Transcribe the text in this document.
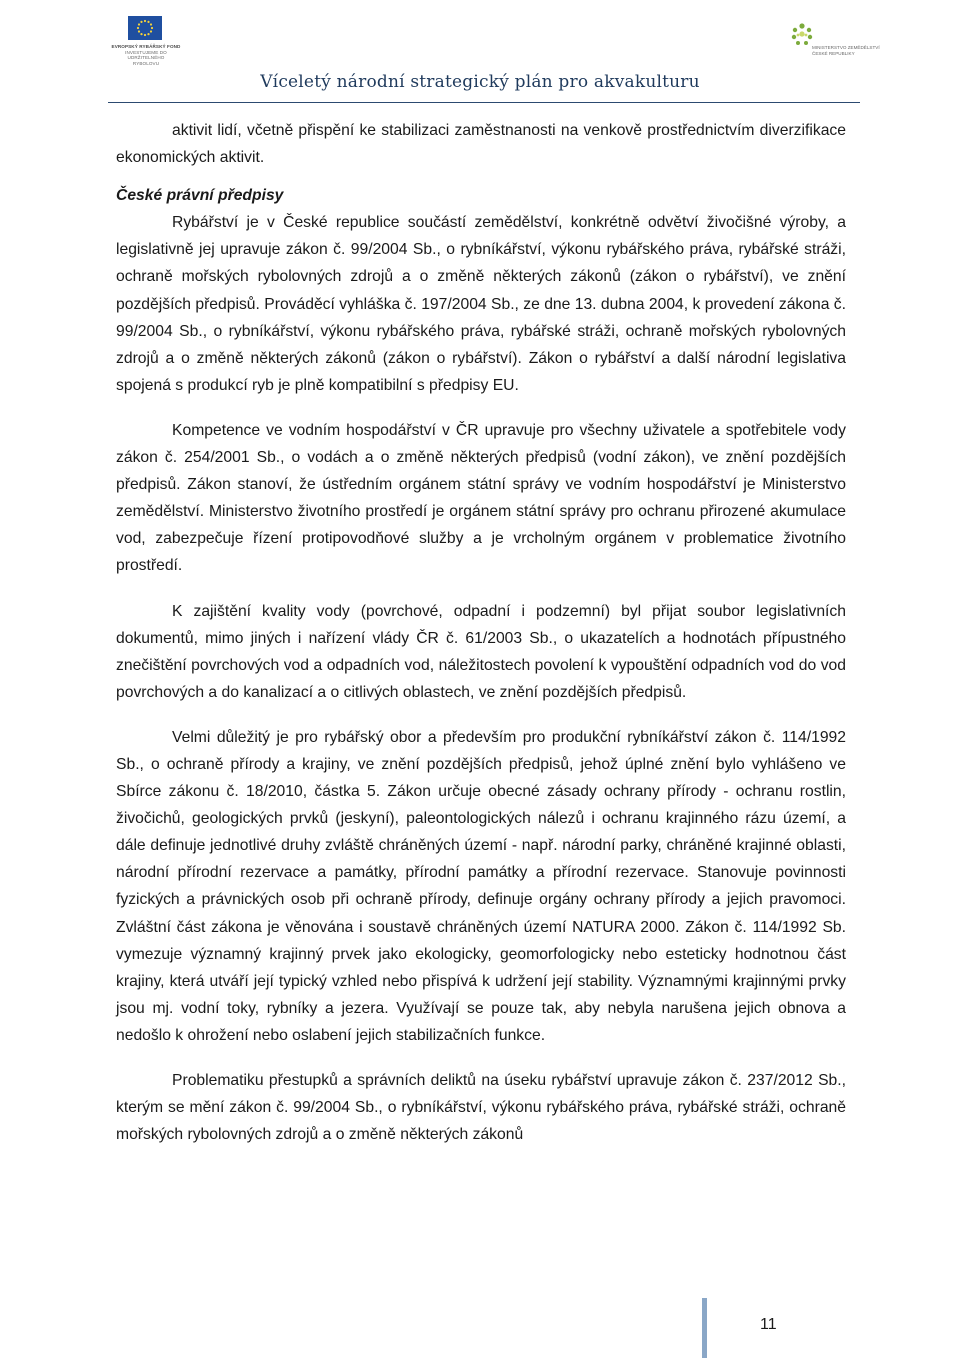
EVROPSKÝ RYBÁŘSKÝ FOND
INVESTUJEME DO UDRŽITELNÉHO
RYBOLOVU
MINISTERSTVO ZEMĚDĚLSTVÍ
ČESKÉ REPUBLIKY
Víceletý národní strategický plán pro akvakulturu

aktivit lidí, včetně přispění ke stabilizaci zaměstnanosti na venkově prostřednictvím diverzifikace ekonomických aktivit.

České právní předpisy

Rybářství je v České republice součástí zemědělství, konkrétně odvětví živočišné výroby, a legislativně jej upravuje zákon č. 99/2004 Sb., o rybníkářství, výkonu rybářského práva, rybářské stráži, ochraně mořských rybolovných zdrojů a o změně některých zákonů (zákon o rybářství), ve znění pozdějších předpisů. Prováděcí vyhláška č. 197/2004 Sb., ze dne 13. dubna 2004, k provedení zákona č. 99/2004 Sb., o rybníkářství, výkonu rybářského práva, rybářské stráži, ochraně mořských rybolovných zdrojů a o změně některých zákonů (zákon o rybářství). Zákon o rybářství a další národní legislativa spojená s produkcí ryb je plně kompatibilní s předpisy EU.

Kompetence ve vodním hospodářství v ČR upravuje pro všechny uživatele a spotřebitele vody zákon č. 254/2001 Sb., o vodách a o změně některých předpisů (vodní zákon), ve znění pozdějších předpisů. Zákon stanoví, že ústředním orgánem státní správy ve vodním hospodářství je Ministerstvo zemědělství. Ministerstvo životního prostředí je orgánem státní správy pro ochranu přirozené akumulace vod, zabezpečuje řízení protipovodňové služby a je vrcholným orgánem v problematice životního prostředí.

K zajištění kvality vody (povrchové, odpadní i podzemní) byl přijat soubor legislativních dokumentů, mimo jiných i nařízení vlády ČR č. 61/2003 Sb., o ukazatelích a hodnotách přípustného znečištění povrchových vod a odpadních vod, náležitostech povolení k vypouštění odpadních vod do vod povrchových a do kanalizací a o citlivých oblastech, ve znění pozdějších předpisů.

Velmi důležitý je pro rybářský obor a především pro produkční rybníkářství zákon č. 114/1992 Sb., o ochraně přírody a krajiny, ve znění pozdějších předpisů, jehož úplné znění bylo vyhlášeno ve Sbírce zákonu č. 18/2010, částka 5. Zákon určuje obecné zásady ochrany přírody - ochranu rostlin, živočichů, geologických prvků (jeskyní), paleontologických nálezů i ochranu krajinného rázu území, a dále definuje jednotlivé druhy zvláště chráněných území - např. národní parky, chráněné krajinné oblasti, národní přírodní rezervace a památky, přírodní památky a přírodní rezervace. Stanovuje povinnosti fyzických a právnických osob při ochraně přírody, definuje orgány ochrany přírody a jejich pravomoci. Zvláštní část zákona je věnována i soustavě chráněných území NATURA 2000. Zákon č. 114/1992 Sb. vymezuje významný krajinný prvek jako ekologicky, geomorfologicky nebo esteticky hodnotnou část krajiny, která utváří její typický vzhled nebo přispívá k udržení její stability. Významnými krajinnými prvky jsou mj. vodní toky, rybníky a jezera. Využívají se pouze tak, aby nebyla narušena jejich obnova a nedošlo k ohrožení nebo oslabení jejich stabilizačních funkce.

Problematiku přestupků a správních deliktů na úseku rybářství upravuje zákon č. 237/2012 Sb., kterým se mění zákon č. 99/2004 Sb., o rybníkářství, výkonu rybářského práva, rybářské stráži, ochraně mořských rybolovných zdrojů a o změně některých zákonů

11
